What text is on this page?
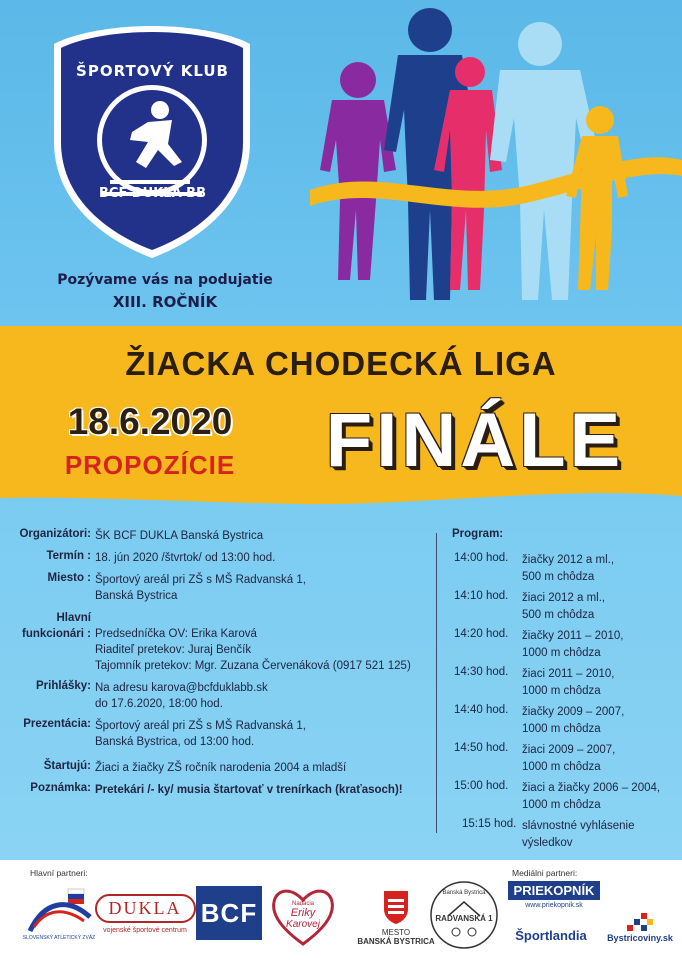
ŠPORTOVÝ KLUB
BCF DUKLA BB
Pozývame vás na podujatie
XIII. ROČNÍK
ŽIACKA CHODECKÁ LIGA
18.6.2020
PROPOZÍCIE	FINÁLE
Organizátori: ŠK BCF DUKLA Banská Bystrica
Termín : 18. jún 2020 /štvrtok/ od 13:00 hod.
Miesto : Športový areál pri ZŠ s MŠ Radvanská 1,
Banská Bystrica
Hlavní
funkcionári :
Predsedníčka OV: Erika Karová
Riaditeľ pretekov: Juraj Benčík
Tajomník pretekov: Mgr. Zuzana Červenáková (0917 521 125)
Prihlášky: Na adresu karova@bcfduklabb.sk
do 17.6.2020, 18:00 hod.
Prezentácia: Športový areál pri ZŠ s MŠ Radvanská 1,
Banská Bystrica, od 13:00 hod.
Štartujú: Žiaci a žiačky ZŠ ročník narodenia 2004 a mladší
Poznámka: Pretekári /- ky/ musia štartovať v trenírkach (kraťasoch)!
Program:
14:00 hod.	žiačky 2012 a ml.,
500 m chôdza
14:10 hod.	žiaci 2012 a ml.,
500 m chôdza
14:20 hod.	žiačky 2011 – 2010,
1000 m chôdza
14:30 hod.	žiaci 2011 – 2010,
1000 m chôdza
14:40 hod.	žiačky 2009 – 2007,
1000 m chôdza
14:50 hod.	žiaci 2009 – 2007,
1000 m chôdza
15:00 hod.	žiaci a žiačky 2006 – 2004,
1000 m chôdza
15:15 hod. slávnostné vyhlásenie
výsledkov
Hlavní partneri:	Mediálni partneri:
SLOVENSKÝ ATLETICKÝ ZVÄZ
DUKLA
vojenské športové centrum
BCF	Nadácia
Eriky
Karovej
MESTO
BANSKÁ BYSTRICA
Banská Bystrica
RADVANSKÁ 1
PRIEKOPNÍK
www.priekopnik.sk
Športlandia Bystricoviny.sk
